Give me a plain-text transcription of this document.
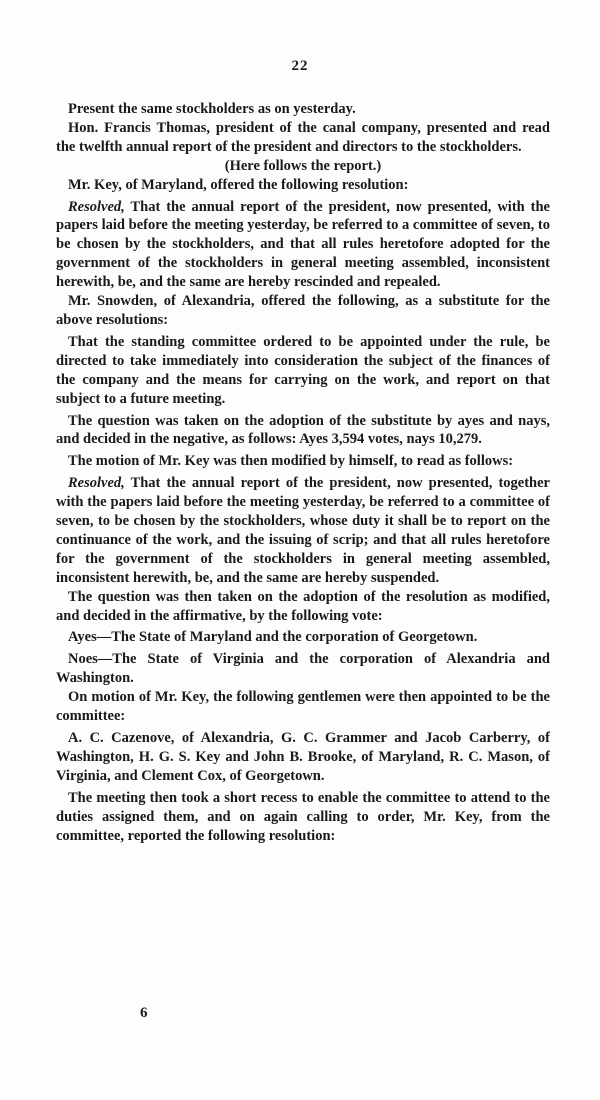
22

Present the same stockholders as on yesterday.

Hon. Francis Thomas, president of the canal company, presented and read the twelfth annual report of the president and directors to the stockholders.

(Here follows the report.)

Mr. Key, of Maryland, offered the following resolution:

Resolved, That the annual report of the president, now presented, with the papers laid before the meeting yesterday, be referred to a committee of seven, to be chosen by the stockholders, and that all rules heretofore adopted for the government of the stockholders in general meeting assembled, inconsistent herewith, be, and the same are hereby rescinded and repealed.

Mr. Snowden, of Alexandria, offered the following, as a substitute for the above resolutions:

That the standing committee ordered to be appointed under the rule, be directed to take immediately into consideration the subject of the finances of the company and the means for carrying on the work, and report on that subject to a future meeting.

The question was taken on the adoption of the substitute by ayes and nays, and decided in the negative, as follows: Ayes 3,594 votes, nays 10,279.

The motion of Mr. Key was then modified by himself, to read as follows:

Resolved, That the annual report of the president, now presented, together with the papers laid before the meeting yesterday, be referred to a committee of seven, to be chosen by the stockholders, whose duty it shall be to report on the continuance of the work, and the issuing of scrip; and that all rules heretofore for the government of the stockholders in general meeting assembled, inconsistent herewith, be, and the same are hereby suspended.

The question was then taken on the adoption of the resolution as modified, and decided in the affirmative, by the following vote:

Ayes—The State of Maryland and the corporation of Georgetown.

Noes—The State of Virginia and the corporation of Alexandria and Washington.

On motion of Mr. Key, the following gentlemen were then appointed to be the committee:

A. C. Cazenove, of Alexandria, G. C. Grammer and Jacob Carberry, of Washington, H. G. S. Key and John B. Brooke, of Maryland, R. C. Mason, of Virginia, and Clement Cox, of Georgetown.

The meeting then took a short recess to enable the committee to attend to the duties assigned them, and on again calling to order, Mr. Key, from the committee, reported the following resolution:

6
